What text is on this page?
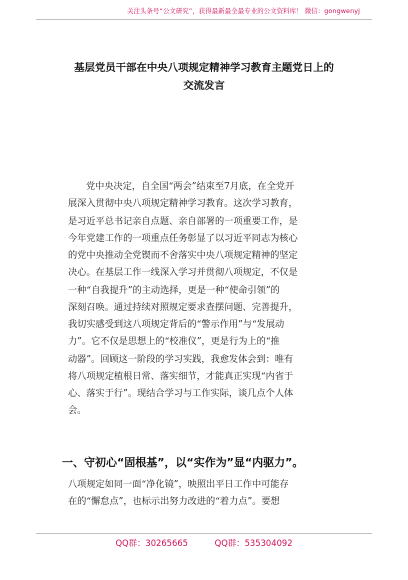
关注头条号“公文研究”，获得最新最全最专业的公文资料库！ 微信：gongwenyj
基层党员干部在中央八项规定精神学习教育主题党日上的
交流发言
党中央决定，自全国“两会”结束至7月底，在全党开
展深入贯彻中央八项规定精神学习教育。这次学习教育，
是习近平总书记亲自点题、亲自部署的一项重要工作，是
今年党建工作的一项重点任务彰显了以习近平同志为核心
的党中央推动全党锲而不舍落实中央八项规定精神的坚定
决心。在基层工作一线深入学习并贯彻八项规定，不仅是
一种“自我提升”的主动选择，更是一种“使命引领”的
深刻召唤。通过持续对照规定要求查摆问题、完善提升，
我切实感受到这八项规定背后的“警示作用”与“发展动
力”。它不仅是思想上的“校准仪”，更是行为上的“推
动器”。回顾这一阶段的学习实践，我愈发体会到：唯有
将八项规定植根日常、落实细节，才能真正实现“内省于
心、落实于行”。现结合学习与工作实际，谈几点个人体
会。
一、守初心“固根基”，以“实作为”显“内驱力”。
八项规定如同一面“净化镜”，映照出平日工作中可能存
在的“懈怠点”，也标示出努力改进的“着力点”。要想
QQ群：30265665	QQ群：535304092
